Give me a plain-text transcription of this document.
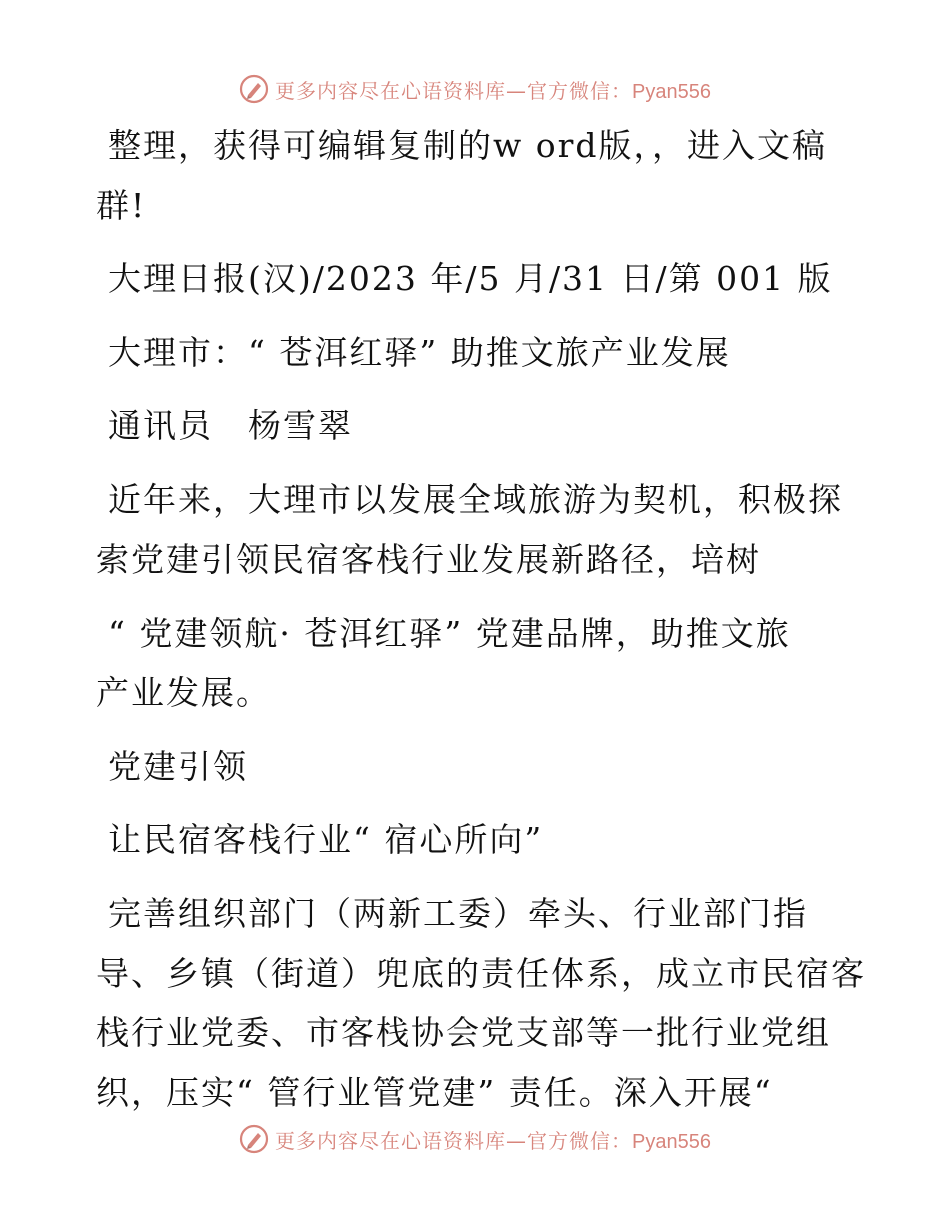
更多内容尽在心语资料库—官方微信：Pyan556
整理，获得可编辑复制的w ord版，，进入文稿
群!
大理日报(汉)/2023 年/5 月/31 日/第 001 版
大理市：“ 苍洱红驿” 助推文旅产业发展
通讯员　杨雪翠
近年来，大理市以发展全域旅游为契机，积极探
索党建引领民宿客栈行业发展新路径，培树
“ 党建领航· 苍洱红驿” 党建品牌，助推文旅
产业发展。
党建引领
让民宿客栈行业“ 宿心所向”
完善组织部门（两新工委）牵头、行业部门指
导、乡镇（街道）兜底的责任体系，成立市民宿客
栈行业党委、市客栈协会党支部等一批行业党组
织，压实“ 管行业管党建” 责任。深入开展“
更多内容尽在心语资料库—官方微信：Pyan556
